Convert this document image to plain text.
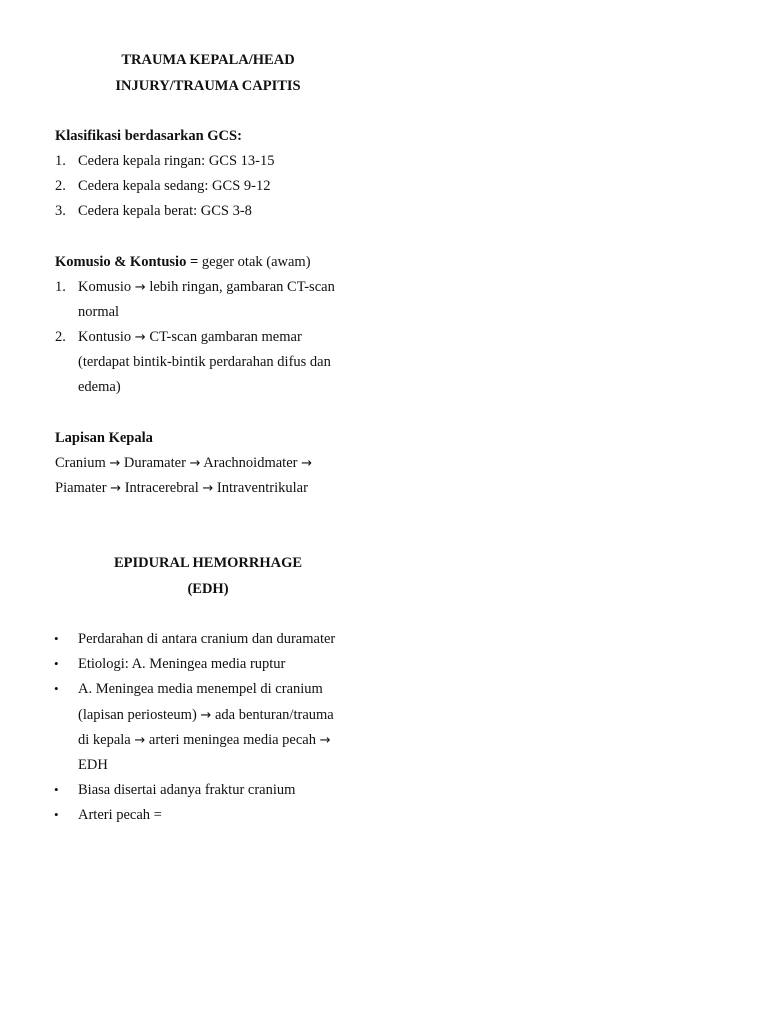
TRAUMA KEPALA/HEAD
INJURY/TRAUMA CAPITIS
Klasifikasi berdasarkan GCS:
1. Cedera kepala ringan: GCS 13-15
2. Cedera kepala sedang: GCS 9-12
3. Cedera kepala berat: GCS 3-8
Komusio & Kontusio = geger otak (awam)
1. Komusio → lebih ringan, gambaran CT-scan
normal
2. Kontusio → CT-scan gambaran memar
(terdapat bintik-bintik perdarahan difus dan
edema)
Lapisan Kepala
Cranium → Duramater → Arachnoidmater →
Piamater → Intracerebral → Intraventrikular
EPIDURAL HEMORRHAGE
(EDH)
• Perdarahan di antara cranium dan duramater
• Etiologi: A. Meningea media ruptur
• A. Meningea media menempel di cranium
(lapisan periosteum) → ada benturan/trauma
di kepala → arteri meningea media pecah →
EDH
• Biasa disertai adanya fraktur cranium
• Arteri pecah =
